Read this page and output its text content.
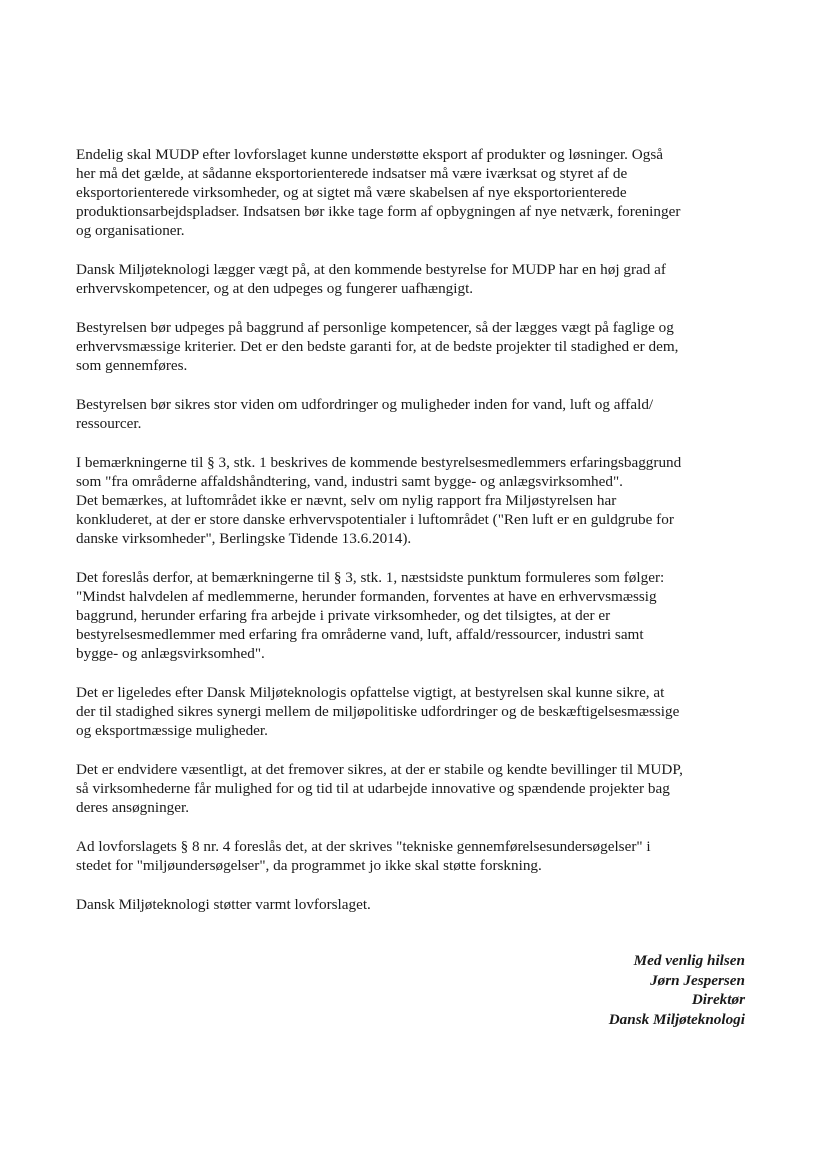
Endelig skal MUDP efter lovforslaget kunne understøtte eksport af produkter og løsninger. Også
her må det gælde, at sådanne eksportorienterede indsatser må være iværksat og styret af de
eksportorienterede virksomheder, og at sigtet må være skabelsen af nye eksportorienterede
produktionsarbejdspladser. Indsatsen bør ikke tage form af opbygningen af nye netværk, foreninger
og organisationer.

Dansk Miljøteknologi lægger vægt på, at den kommende bestyrelse for MUDP har en høj grad af
erhvervskompetencer, og at den udpeges og fungerer uafhængigt.

Bestyrelsen bør udpeges på baggrund af personlige kompetencer, så der lægges vægt på faglige og
erhvervsmæssige kriterier. Det er den bedste garanti for, at de bedste projekter til stadighed er dem,
som gennemføres.

Bestyrelsen bør sikres stor viden om udfordringer og muligheder inden for vand, luft og affald/
ressourcer.

I bemærkningerne til § 3, stk. 1 beskrives de kommende bestyrelsesmedlemmers erfaringsbaggrund
som "fra områderne affaldshåndtering, vand, industri samt bygge- og anlægsvirksomhed".
Det bemærkes, at luftområdet ikke er nævnt, selv om nylig rapport fra Miljøstyrelsen har
konkluderet, at der er store danske erhvervspotentialer i luftområdet ("Ren luft er en guldgrube for
danske virksomheder", Berlingske Tidende 13.6.2014).

Det foreslås derfor, at bemærkningerne til § 3, stk. 1, næstsidste punktum formuleres som følger:
"Mindst halvdelen af medlemmerne, herunder formanden, forventes at have en erhvervsmæssig
baggrund, herunder erfaring fra arbejde i private virksomheder, og det tilsigtes, at der er
bestyrelsesmedlemmer med erfaring fra områderne vand, luft, affald/ressourcer, industri samt
bygge- og anlægsvirksomhed".

Det er ligeledes efter Dansk Miljøteknologis opfattelse vigtigt, at bestyrelsen skal kunne sikre, at
der til stadighed sikres synergi mellem de miljøpolitiske udfordringer og de beskæftigelsesmæssige
og eksportmæssige muligheder.

Det er endvidere væsentligt, at det fremover sikres, at der er stabile og kendte bevillinger til MUDP,
så virksomhederne får mulighed for og tid til at udarbejde innovative og spændende projekter bag
deres ansøgninger.

Ad lovforslagets § 8 nr. 4 foreslås det, at der skrives "tekniske gennemførelsesundersøgelser" i
stedet for "miljøundersøgelser", da programmet jo ikke skal støtte forskning.

Dansk Miljøteknologi støtter varmt lovforslaget.

Med venlig hilsen
Jørn Jespersen
Direktør
Dansk Miljøteknologi
